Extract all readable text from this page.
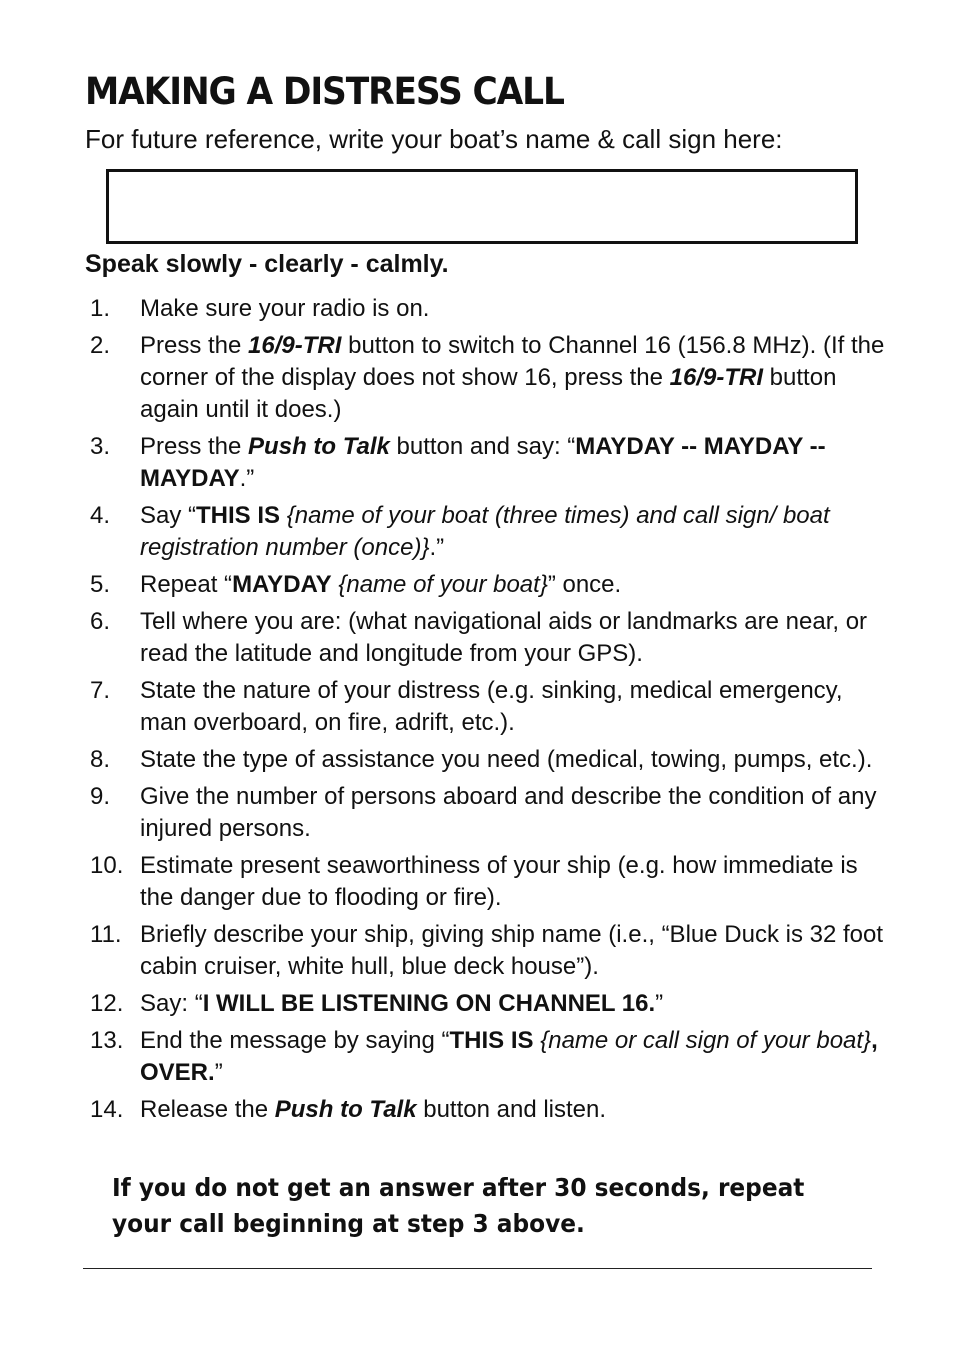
MAKING A DISTRESS CALL

For future reference, write your boat’s name & call sign here:

Speak slowly - clearly - calmly.

1. Make sure your radio is on.
2. Press the 16/9-TRI button to switch to Channel 16 (156.8 MHz). (If the corner of the display does not show 16, press the 16/9-TRI button again until it does.)
3. Press the Push to Talk button and say: “MAYDAY -- MAYDAY -- MAYDAY.”
4. Say “THIS IS {name of your boat (three times) and call sign/ boat registration number (once)}.”
5. Repeat “MAYDAY {name of your boat}” once.
6. Tell where you are: (what navigational aids or landmarks are near, or read the latitude and longitude from your GPS).
7. State the nature of your distress (e.g. sinking, medical emergency, man overboard, on fire, adrift, etc.).
8. State the type of assistance you need (medical, towing, pumps, etc.).
9. Give the number of persons aboard and describe the condition of any injured persons.
10. Estimate present seaworthiness of your ship (e.g. how immediate is the danger due to flooding or fire).
11. Briefly describe your ship, giving ship name (i.e., “Blue Duck is 32 foot cabin cruiser, white hull, blue deck house”).
12. Say: “I WILL BE LISTENING ON CHANNEL 16.”
13. End the message by saying “THIS IS {name or call sign of your boat}, OVER.”
14. Release the Push to Talk button and listen.

If you do not get an answer after 30 seconds, repeat your call beginning at step 3 above.
